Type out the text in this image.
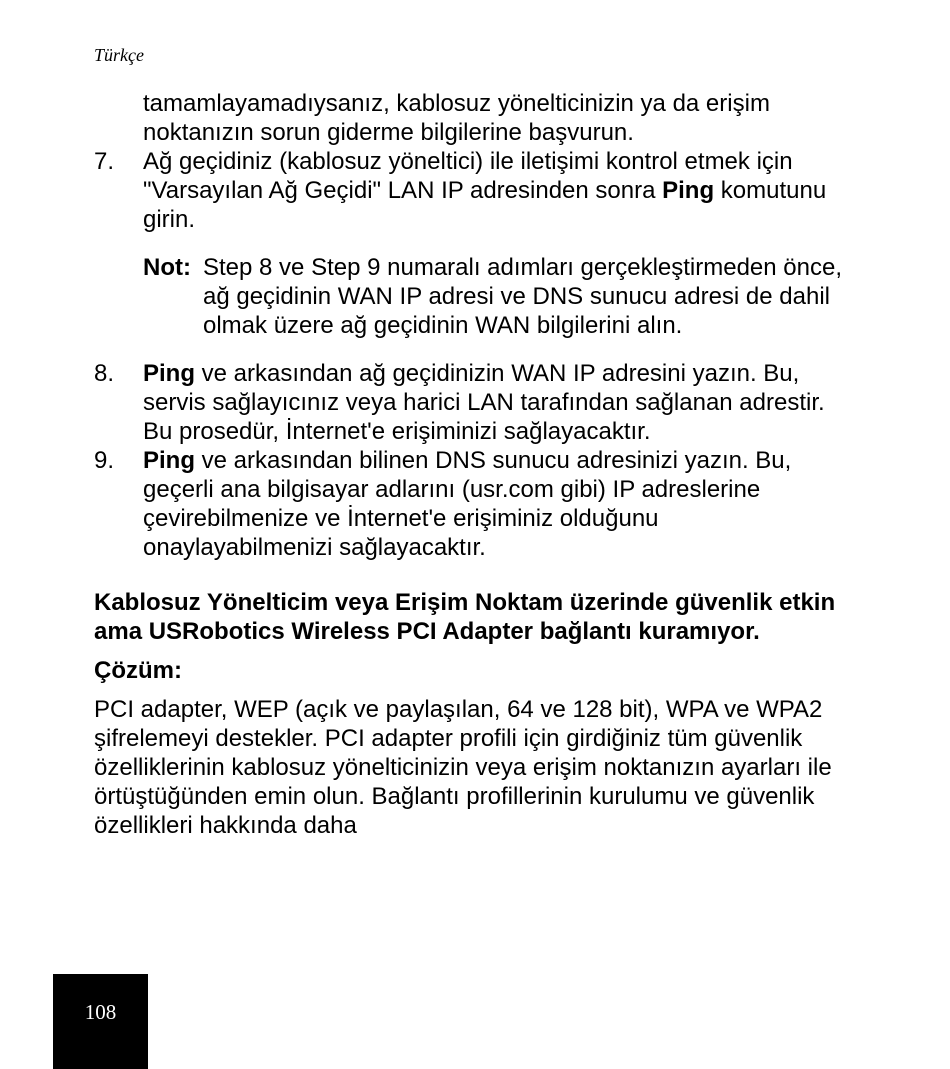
Türkçe
tamamlayamadıysanız, kablosuz yönelticinizin ya da erişim noktanızın sorun giderme bilgilerine başvurun.
7. Ağ geçidiniz (kablosuz yöneltici) ile iletişimi kontrol etmek için "Varsayılan Ağ Geçidi" LAN IP adresinden sonra Ping komutunu girin.
Not: Step 8 ve Step 9 numaralı adımları gerçekleştirmeden önce, ağ geçidinin WAN IP adresi ve DNS sunucu adresi de dahil olmak üzere ağ geçidinin WAN bilgilerini alın.
8. Ping ve arkasından ağ geçidinizin WAN IP adresini yazın. Bu, servis sağlayıcınız veya harici LAN tarafından sağlanan adrestir. Bu prosedür, İnternet'e erişiminizi sağlayacaktır.
9. Ping ve arkasından bilinen DNS sunucu adresinizi yazın. Bu, geçerli ana bilgisayar adlarını (usr.com gibi) IP adreslerine çevirebilmenize ve İnternet'e erişiminiz olduğunu onaylayabilmenizi sağlayacaktır.
Kablosuz Yönelticim veya Erişim Noktam üzerinde güvenlik etkin ama USRobotics Wireless PCI Adapter bağlantı kuramıyor.
Çözüm:
PCI adapter, WEP (açık ve paylaşılan, 64 ve 128 bit), WPA ve WPA2 şifrelemeyi destekler. PCI adapter profili için girdiğiniz tüm güvenlik özelliklerinin kablosuz yönelticinizin veya erişim noktanızın ayarları ile örtüştüğünden emin olun. Bağlantı profillerinin kurulumu ve güvenlik özellikleri hakkında daha
108
